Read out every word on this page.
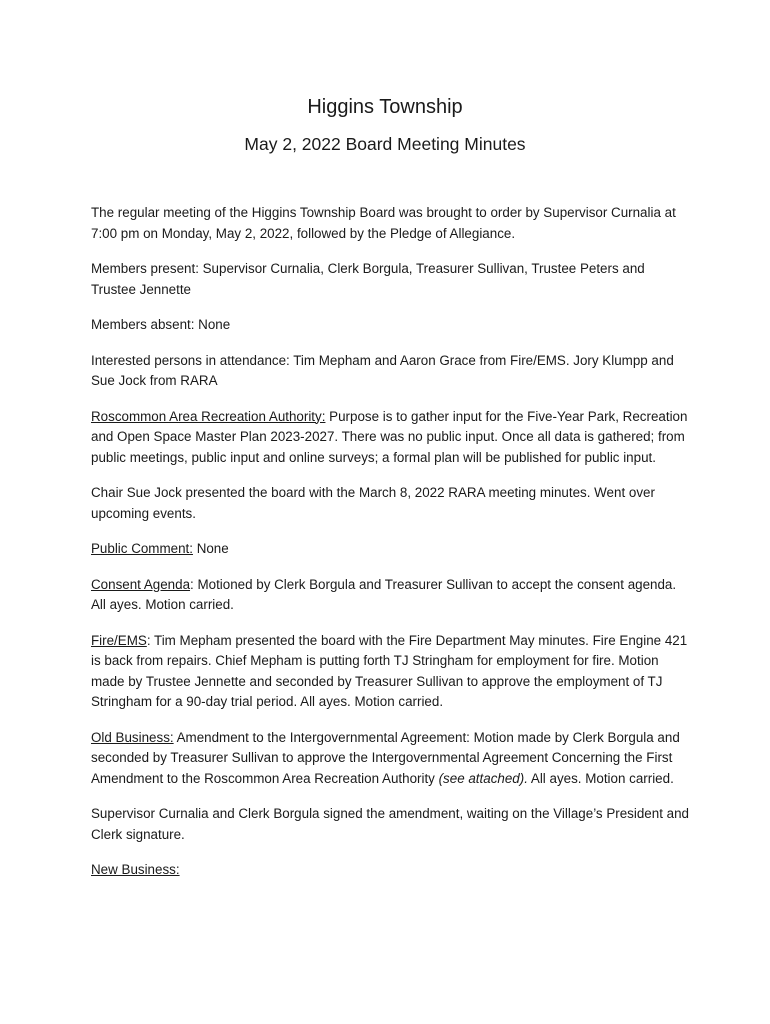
Higgins Township
May 2, 2022 Board Meeting Minutes

The regular meeting of the Higgins Township Board was brought to order by Supervisor Curnalia at 7:00 pm on Monday, May 2, 2022, followed by the Pledge of Allegiance.

Members present: Supervisor Curnalia, Clerk Borgula, Treasurer Sullivan, Trustee Peters and Trustee Jennette

Members absent: None

Interested persons in attendance: Tim Mepham and Aaron Grace from Fire/EMS. Jory Klumpp and Sue Jock from RARA

Roscommon Area Recreation Authority: Purpose is to gather input for the Five-Year Park, Recreation and Open Space Master Plan 2023-2027. There was no public input. Once all data is gathered; from public meetings, public input and online surveys; a formal plan will be published for public input.

Chair Sue Jock presented the board with the March 8, 2022 RARA meeting minutes. Went over upcoming events.

Public Comment: None

Consent Agenda: Motioned by Clerk Borgula and Treasurer Sullivan to accept the consent agenda. All ayes. Motion carried.

Fire/EMS: Tim Mepham presented the board with the Fire Department May minutes. Fire Engine 421 is back from repairs. Chief Mepham is putting forth TJ Stringham for employment for fire. Motion made by Trustee Jennette and seconded by Treasurer Sullivan to approve the employment of TJ Stringham for a 90-day trial period. All ayes. Motion carried.

Old Business: Amendment to the Intergovernmental Agreement: Motion made by Clerk Borgula and seconded by Treasurer Sullivan to approve the Intergovernmental Agreement Concerning the First Amendment to the Roscommon Area Recreation Authority (see attached). All ayes. Motion carried.

Supervisor Curnalia and Clerk Borgula signed the amendment, waiting on the Village’s President and Clerk signature.

New Business:
